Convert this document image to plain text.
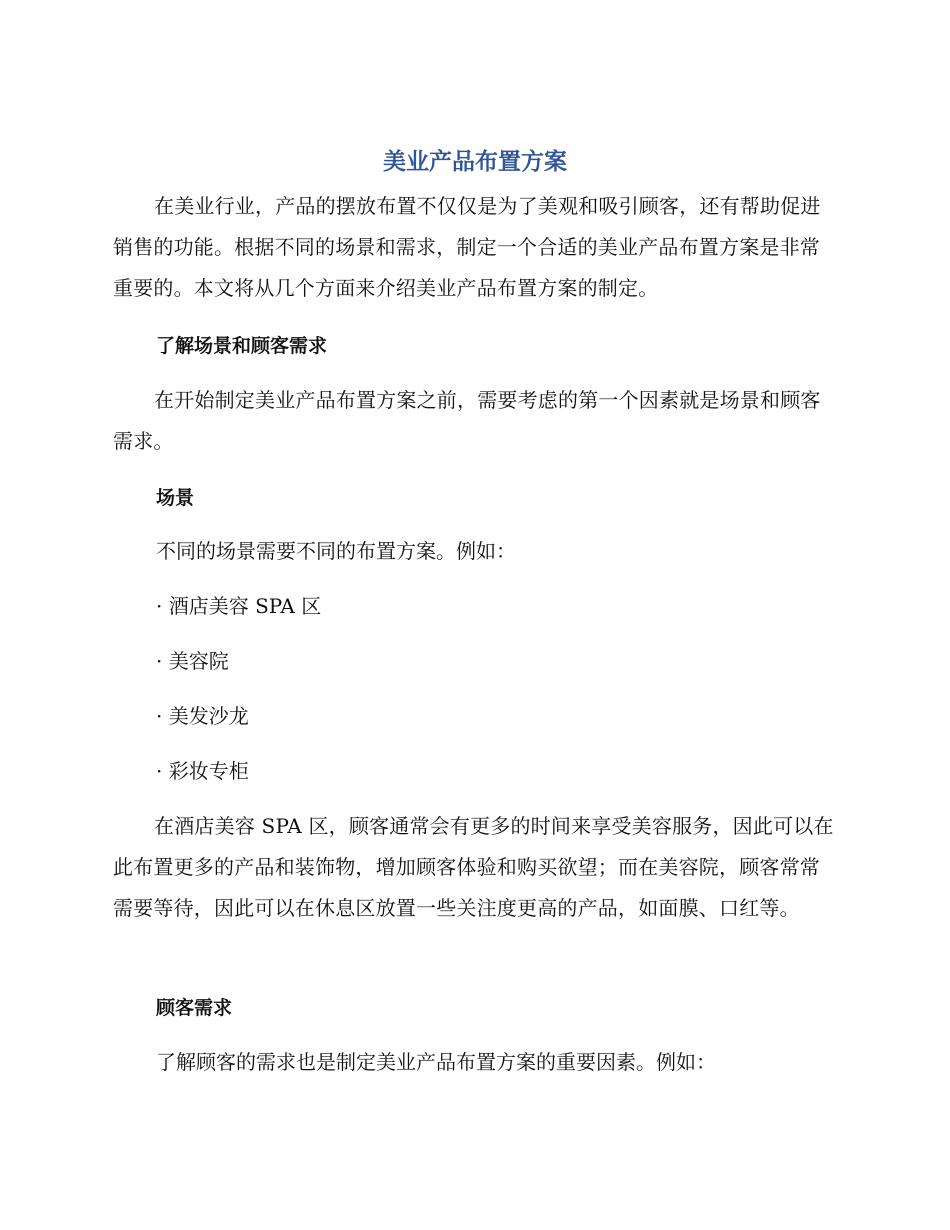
美业产品布置方案

在美业行业，产品的摆放布置不仅仅是为了美观和吸引顾客，还有帮助促进销售的功能。根据不同的场景和需求，制定一个合适的美业产品布置方案是非常重要的。本文将从几个方面来介绍美业产品布置方案的制定。

了解场景和顾客需求

在开始制定美业产品布置方案之前，需要考虑的第一个因素就是场景和顾客需求。

场景

不同的场景需要不同的布置方案。例如：

· 酒店美容 SPA 区

· 美容院

· 美发沙龙

· 彩妆专柜

在酒店美容 SPA 区，顾客通常会有更多的时间来享受美容服务，因此可以在此布置更多的产品和装饰物，增加顾客体验和购买欲望；而在美容院，顾客常常需要等待，因此可以在休息区放置一些关注度更高的产品，如面膜、口红等。

顾客需求

了解顾客的需求也是制定美业产品布置方案的重要因素。例如：
